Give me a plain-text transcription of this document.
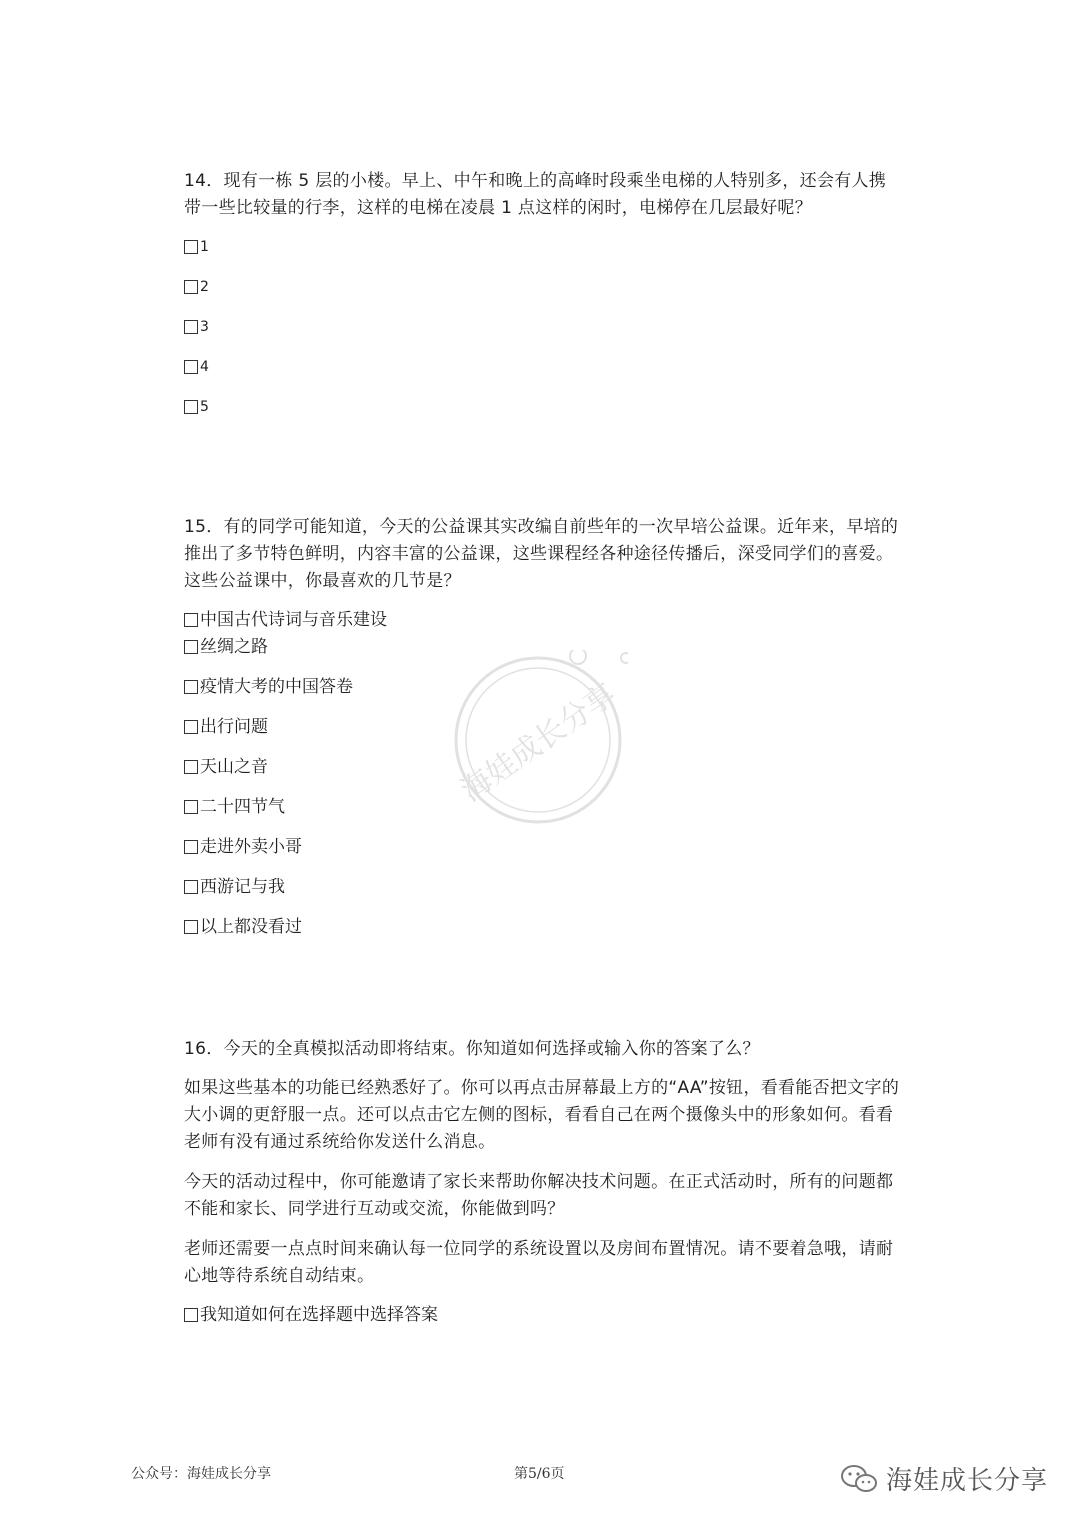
14．现有一栋 5 层的小楼。早上、中午和晚上的高峰时段乘坐电梯的人特别多，还会有人携带一些比较量的行李，这样的电梯在凌晨 1 点这样的闲时，电梯停在几层最好呢？

1
2
3
4
5

15．有的同学可能知道，今天的公益课其实改编自前些年的一次早培公益课。近年来，早培的推出了多节特色鲜明，内容丰富的公益课，这些课程经各种途径传播后，深受同学们的喜爱。这些公益课中，你最喜欢的几节是？

中国古代诗词与音乐建设
丝绸之路
疫情大考的中国答卷
出行问题
天山之音
二十四节气
走进外卖小哥
西游记与我
以上都没看过
海娃成长分享

16．今天的全真模拟活动即将结束。你知道如何选择或输入你的答案了么？

如果这些基本的功能已经熟悉好了。你可以再点击屏幕最上方的“AA”按钮，看看能否把文字的大小调的更舒服一点。还可以点击它左侧的图标，看看自己在两个摄像头中的形象如何。看看老师有没有通过系统给你发送什么消息。

今天的活动过程中，你可能邀请了家长来帮助你解决技术问题。在正式活动时，所有的问题都不能和家长、同学进行互动或交流，你能做到吗？

老师还需要一点点时间来确认每一位同学的系统设置以及房间布置情况。请不要着急哦，请耐心地等待系统自动结束。

我知道如何在选择题中选择答案
公众号：海娃成长分享	第5/6页	海娃成长分享
